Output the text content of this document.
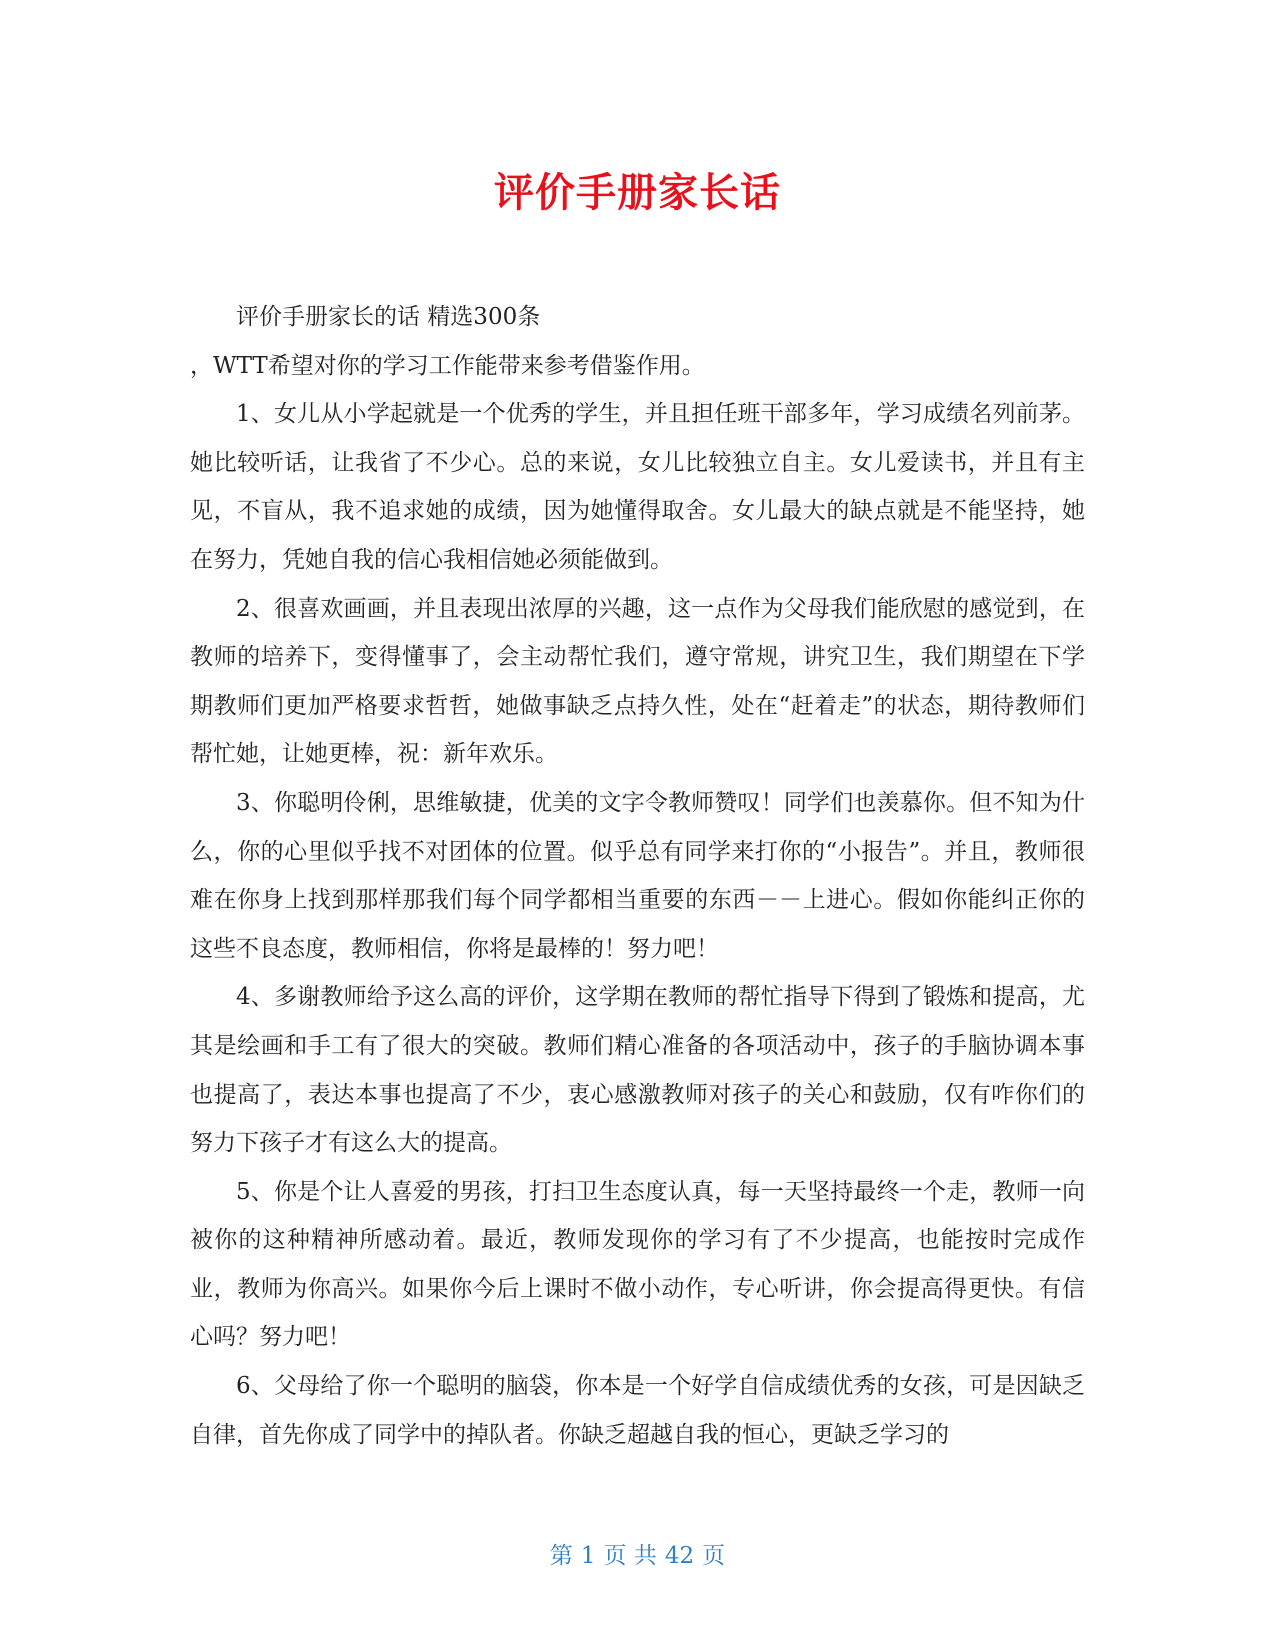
评价手册家长话

评价手册家长的话 精选300条

，WTT希望对你的学习工作能带来参考借鉴作用。

1、女儿从小学起就是一个优秀的学生，并且担任班干部多年，学习成绩名列前茅。她比较听话，让我省了不少心。总的来说，女儿比较独立自主。女儿爱读书，并且有主见，不盲从，我不追求她的成绩，因为她懂得取舍。女儿最大的缺点就是不能坚持，她在努力，凭她自我的信心我相信她必须能做到。

2、很喜欢画画，并且表现出浓厚的兴趣，这一点作为父母我们能欣慰的感觉到，在教师的培养下，变得懂事了，会主动帮忙我们，遵守常规，讲究卫生，我们期望在下学期教师们更加严格要求哲哲，她做事缺乏点持久性，处在“赶着走”的状态，期待教师们帮忙她，让她更棒，祝：新年欢乐。

3、你聪明伶俐，思维敏捷，优美的文字令教师赞叹！同学们也羡慕你。但不知为什么，你的心里似乎找不对团体的位置。似乎总有同学来打你的“小报告”。并且，教师很难在你身上找到那样那我们每个同学都相当重要的东西－－上进心。假如你能纠正你的这些不良态度，教师相信，你将是最棒的！努力吧！

4、多谢教师给予这么高的评价，这学期在教师的帮忙指导下得到了锻炼和提高，尤其是绘画和手工有了很大的突破。教师们精心准备的各项活动中，孩子的手脑协调本事也提高了，表达本事也提高了不少，衷心感激教师对孩子的关心和鼓励，仅有咋你们的努力下孩子才有这么大的提高。

5、你是个让人喜爱的男孩，打扫卫生态度认真，每一天坚持最终一个走，教师一向被你的这种精神所感动着。最近，教师发现你的学习有了不少提高，也能按时完成作业，教师为你高兴。如果你今后上课时不做小动作，专心听讲，你会提高得更快。有信心吗？努力吧！

6、父母给了你一个聪明的脑袋，你本是一个好学自信成绩优秀的女孩，可是因缺乏自律，首先你成了同学中的掉队者。你缺乏超越自我的恒心，更缺乏学习的

第 1 页 共 42 页
